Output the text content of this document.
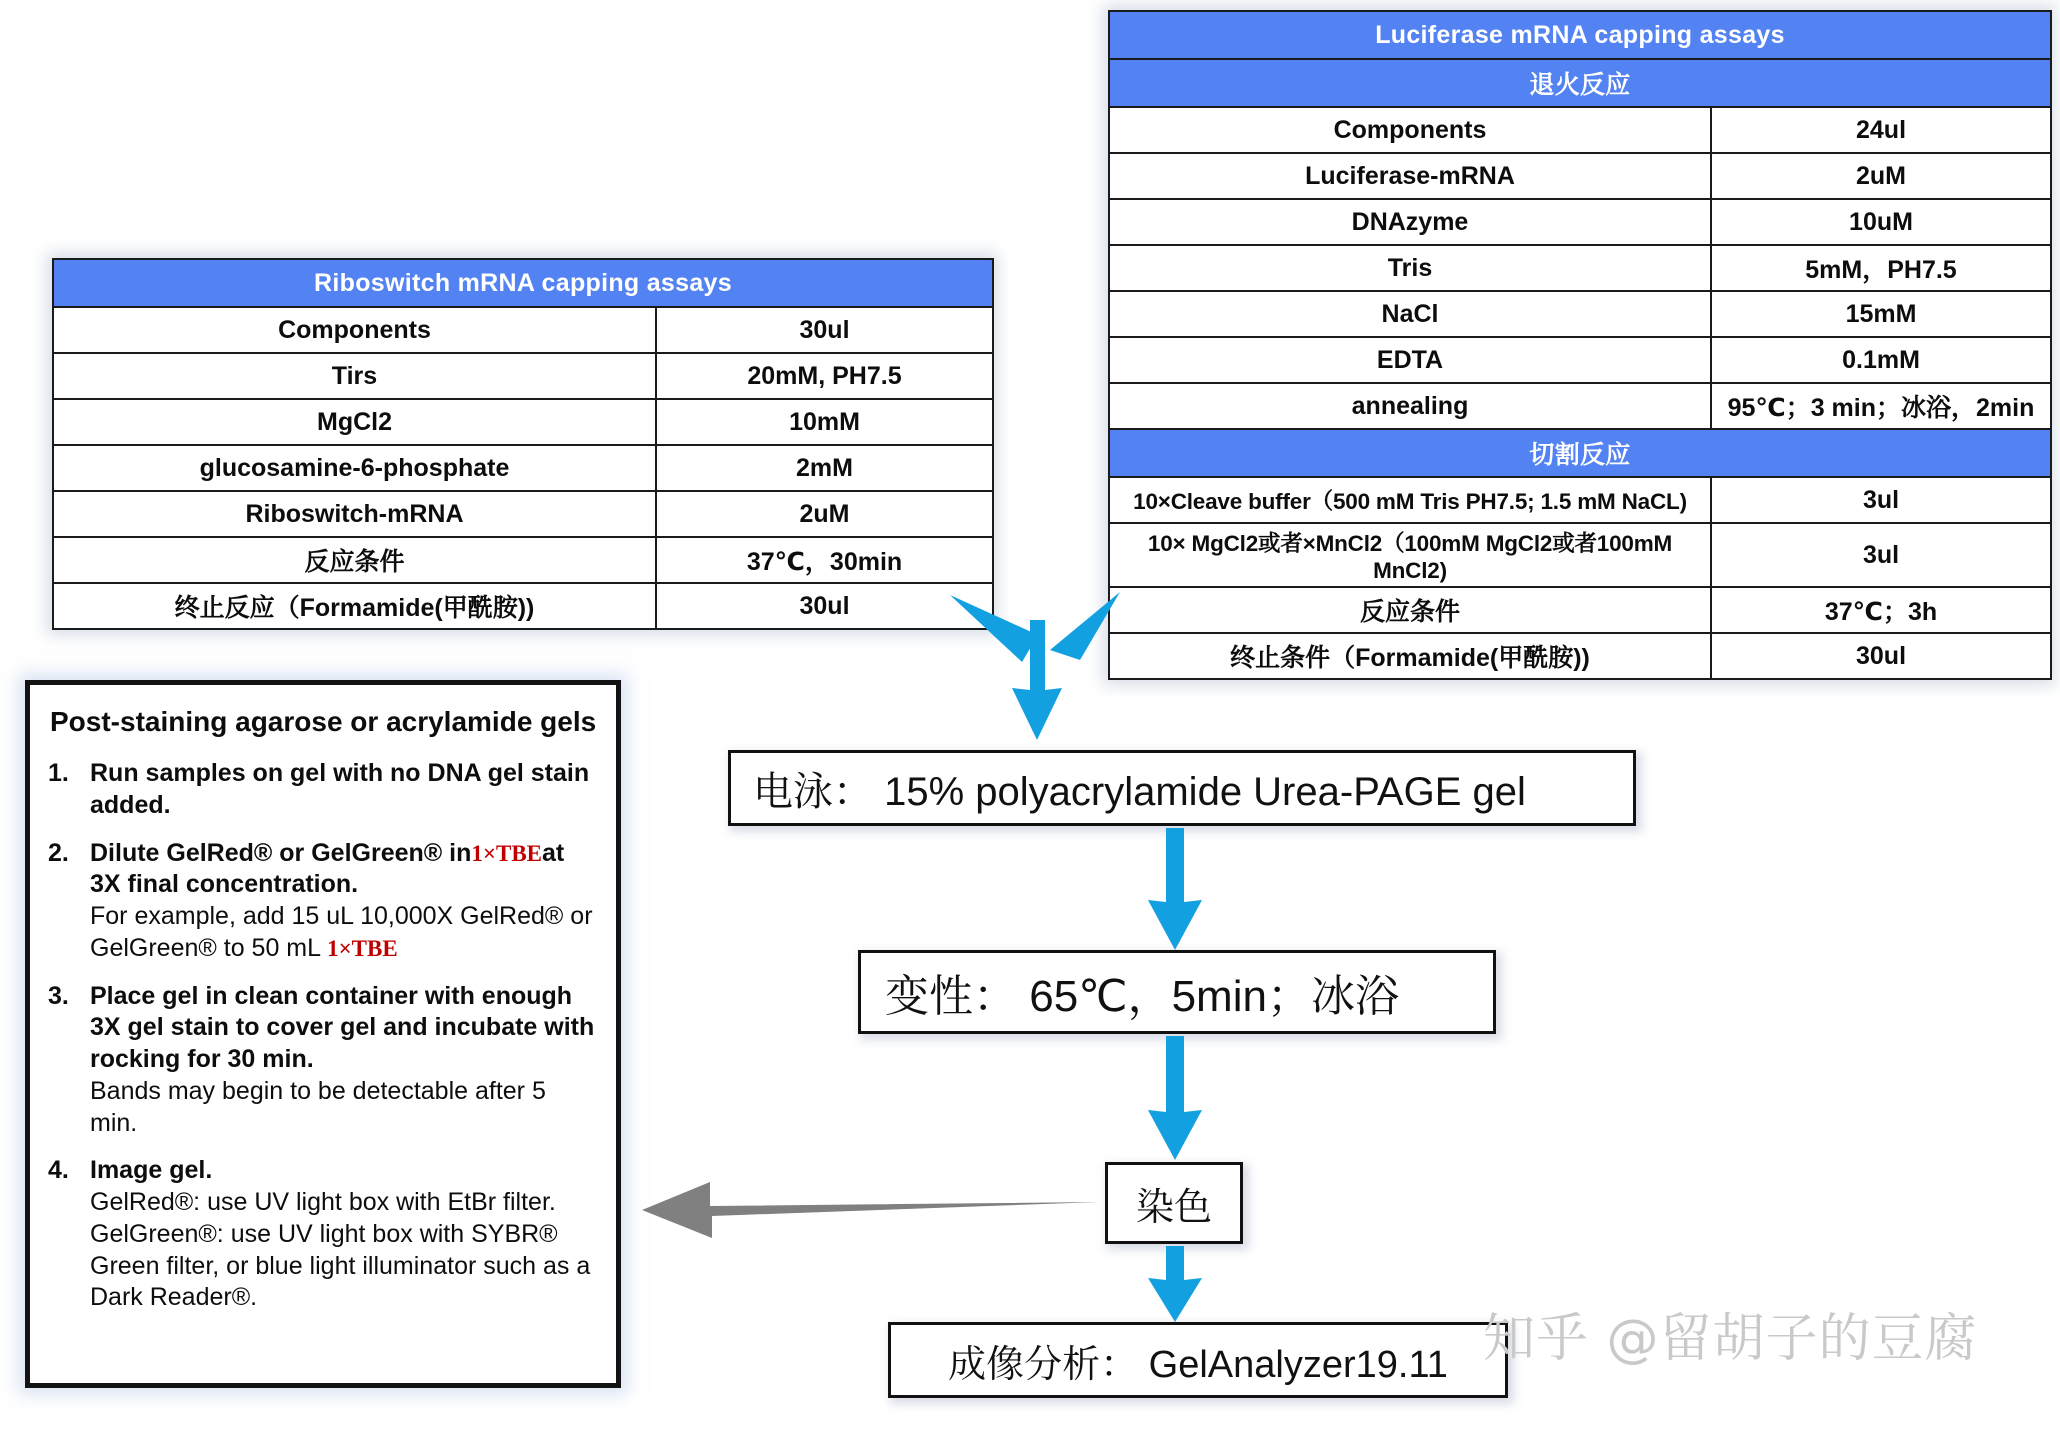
Riboswitch mRNA capping assays	
Components	30ul
Tirs	20mM, PH7.5
MgCl2	10mM
glucosamine-6-phosphate	2mM
Riboswitch-mRNA	2uM
反应条件	37℃，30min
终止反应（Formamide(甲酰胺))	30ul
Luciferase mRNA capping assays	
退火反应	
Components	24ul
Luciferase-mRNA	2uM
DNAzyme	10uM
Tris	5mM，PH7.5
NaCl	15mM
EDTA	0.1mM
annealing	95℃；3 min；冰浴，2min
切割反应	
10×Cleave buffer（500 mM Tris PH7.5; 1.5 mM NaCL)	3ul
10× MgCl2或者×MnCl2（100mM MgCl2或者100mM MnCl2)	3ul
反应条件	37℃；3h
终止条件（Formamide(甲酰胺))	30ul
电泳： 15% polyacrylamide Urea-PAGE gel
变性： 65℃，5min；冰浴
染色
成像分析： GelAnalyzer19.11
Post-staining agarose or acrylamide gels
1. Run samples on gel with no DNA gel stain added.
2. Dilute GelRed® or GelGreen® in1×TBEat 3X final concentration.
For example, add 15 uL 10,000X GelRed® or GelGreen® to 50 mL 1×TBE
3. Place gel in clean container with enough 3X gel stain to cover gel and incubate with rocking for 30 min.
Bands may begin to be detectable after 5 min.
4. Image gel.
GelRed®: use UV light box with EtBr filter.
GelGreen®: use UV light box with SYBR® Green filter, or blue light illuminator such as a Dark Reader®.
知乎 @留胡子的豆腐
